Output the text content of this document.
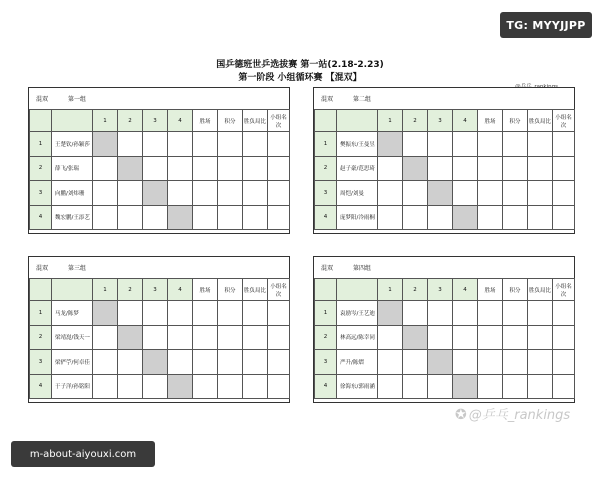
国乒德班世乒选拔赛 第一站(2.18-2.23)
第一阶段 小组循环赛 【混双】
混双	第一组
		1	2	3	4	胜场	积分	胜负局比	小组名次
1	王楚钦/孙颖莎								
2	薛飞/张瑞								
3	向鹏/刘炜珊								
4	魏宏鹏/王添艺								
混双	第二组
		1	2	3	4	胜场	积分	胜负局比	小组名次
1	樊振东/王曼昱								
2	赵子豪/范思琦								
3	周恺/刘曼								
4	庞梦阳/冷雨桐								
混双	第三组
		1	2	3	4	胜场	积分	胜负局比	小组名次
1	马龙/陈梦								
2	梁靖崑/钱天一								
3	梁俨苧/何卓佳								
4	于子洋/孙铭阳								
混双	第四组
		1	2	3	4	胜场	积分	胜负局比	小组名次
1	袁励岑/王艺迪								
2	林高远/陈幸同								
3	严升/陈熠								
4	徐海东/郭雨涵								
TG: MYYJJPP
m-about-aiyouxi.com
✪ @乒乓_rankings
